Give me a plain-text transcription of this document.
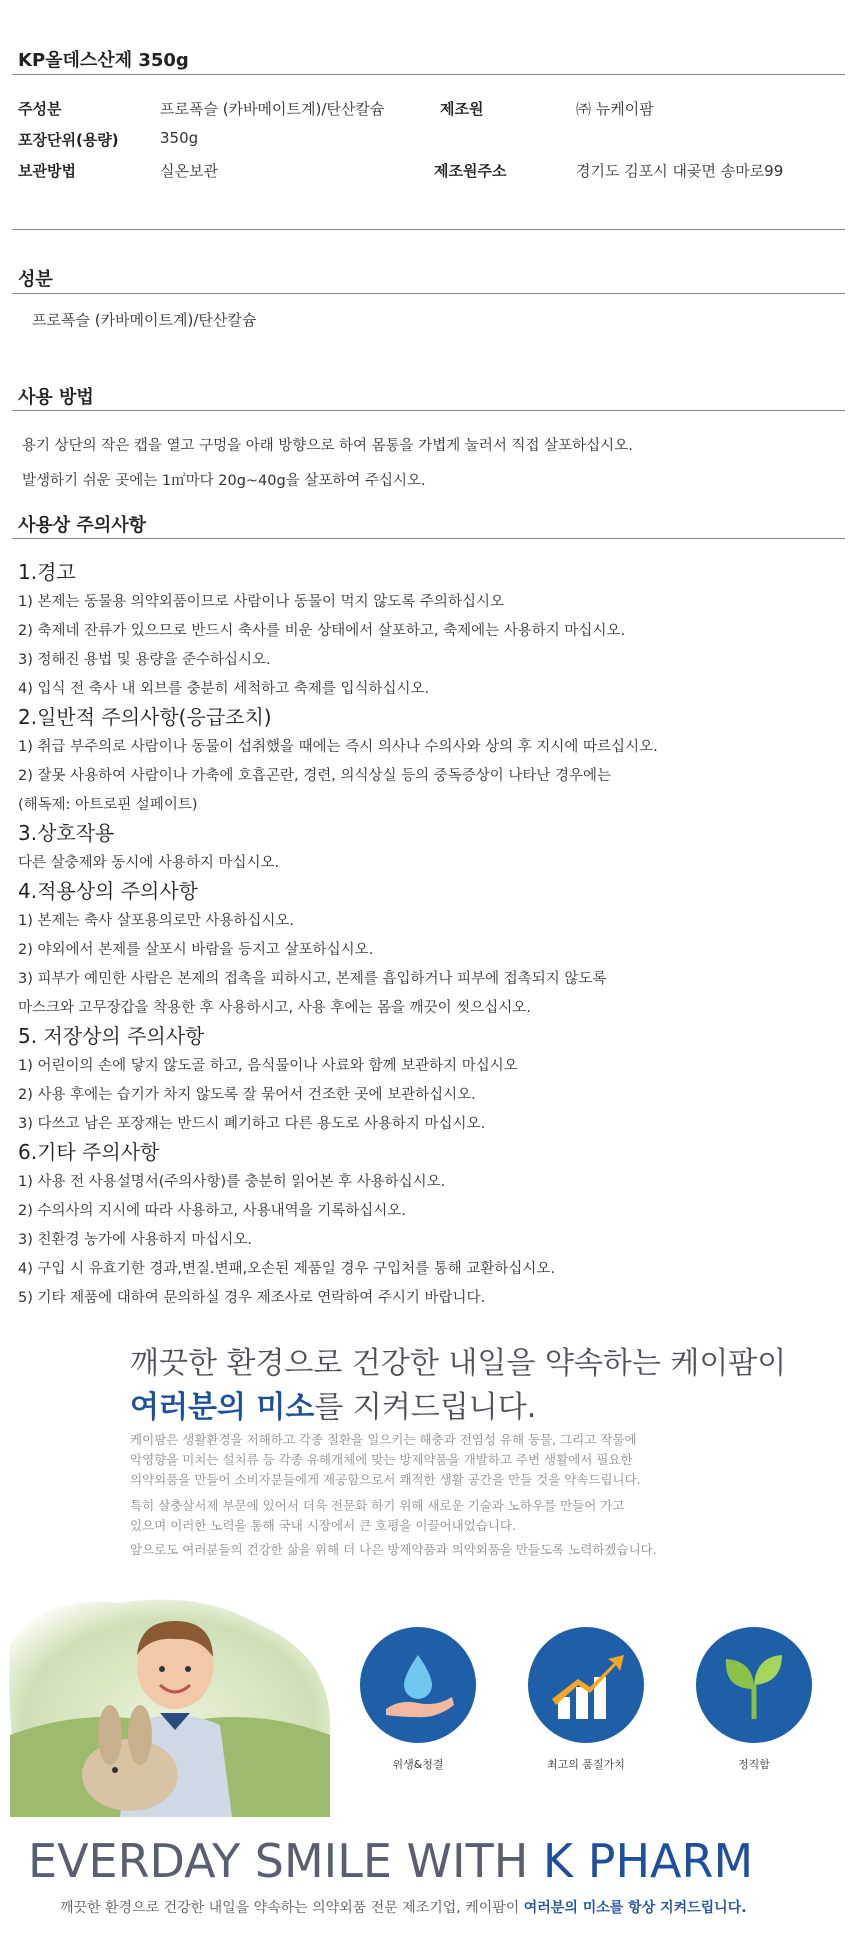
KP올데스산제 350g
주성분	프로폭슬 (카바메이트계)/탄산칼슘	제조원	㈜ 뉴케이팜
포장단위(용량)	350g
보관방법	실온보관	제조원주소	경기도 김포시 대곶면 송마로99
성분
프로폭슬 (카바메이트계)/탄산칼슘
사용 방법
용기 상단의 작은 캡을 열고 구멍을 아래 방향으로 하여 몸통을 가볍게 눌러서 직접 살포하십시오.
발생하기 쉬운 곳에는 1㎡마다 20g~40g을 살포하여 주십시오.
사용상 주의사항
1.경고
1) 본제는 동물용 의약외품이므로 사람이나 동물이 먹지 않도록 주의하십시오
2) 축제네 잔류가 있으므로 반드시 축사를 비운 상태에서 살포하고, 축제에는 사용하지 마십시오.
3) 정해진 용법 및 용량을 준수하십시오.
4) 입식 전 축사 내 외브를 충분히 세척하고 축제를 입식하십시오.
2.일반적 주의사항(응급조치)
1) 취급 부주의로 사람이나 동물이 섭취했을 때에는 즉시 의사나 수의사와 상의 후 지시에 따르십시오.
2) 잘못 사용하여 사람이나 가축에 호흡곤란, 경련, 의식상실 등의 중독증상이 나타난 경우에는
(해독제: 아트로핀 설페이트)
3.상호작용
다른 살충제와 동시에 사용하지 마십시오.
4.적용상의 주의사항
1) 본제는 축사 살포용의로만 사용하십시오.
2) 야외에서 본제를 살포시 바람을 등지고 살포하십시오.
3) 피부가 예민한 사람은 본제의 접촉을 피하시고, 본제를 흡입하거나 피부에 접촉되지 않도록
마스크와 고무장갑을 착용한 후 사용하시고, 사용 후에는 몸을 깨끗이 씻으십시오.
5. 저장상의 주의사항
1) 어린이의 손에 닿지 않도골 하고, 음식물이나 사료와 함께 보관하지 마십시오
2) 사용 후에는 습기가 차지 않도록 잘 묶어서 건조한 곳에 보관하십시오.
3) 다쓰고 남은 포장재는 반드시 폐기하고 다른 용도로 사용하지 마십시오.
6.기타 주의사항
1) 사용 전 사용설명서(주의사항)를 충분히 읽어본 후 사용하십시오.
2) 수의사의 지시에 따라 사용하고, 사용내역을 기록하십시오.
3) 친환경 농가에 사용하지 마십시오.
4) 구입 시 유효기한 경과,변질.변패,오손된 제품일 경우 구입처를 통해 교환하십시오.
5) 기타 제품에 대하여 문의하실 경우 제조사로 연락하여 주시기 바랍니다.
깨끗한 환경으로 건강한 내일을 약속하는 케이팜이
여러분의 미소를 지켜드립니다.
케이팜은 생활환경을 저해하고 각종 질환을 일으키는 해충과 전염성 유해 동물, 그리고 작물에
악영향을 미치는 설치류 등 각종 유해개체에 맞는 방제약품을 개발하고 주변 생활에서 필요한
의약외품을 만들어 소비자분들에게 제공함으로서 쾌적한 생활 공간을 만들 것을 약속드립니다.
특히 살충살서제 부문에 있어서 더욱 전문화 하기 위해 새로운 기술과 노하우를 만들어 가고
있으며 이러한 노력을 통해 국내 시장에서 큰 호평을 이끌어내었습니다.
앞으로도 여러분들의 건강한 삶을 위해 더 나은 방제약품과 의약외품을 만들도록 노력하겠습니다.
위생&청결	최고의 품질가치	정직함
EVERDAY SMILE WITH K PHARM
깨끗한 환경으로 건강한 내일을 약속하는 의약외품 전문 제조기업, 케이팜이 여러분의 미소를 항상 지켜드립니다.
